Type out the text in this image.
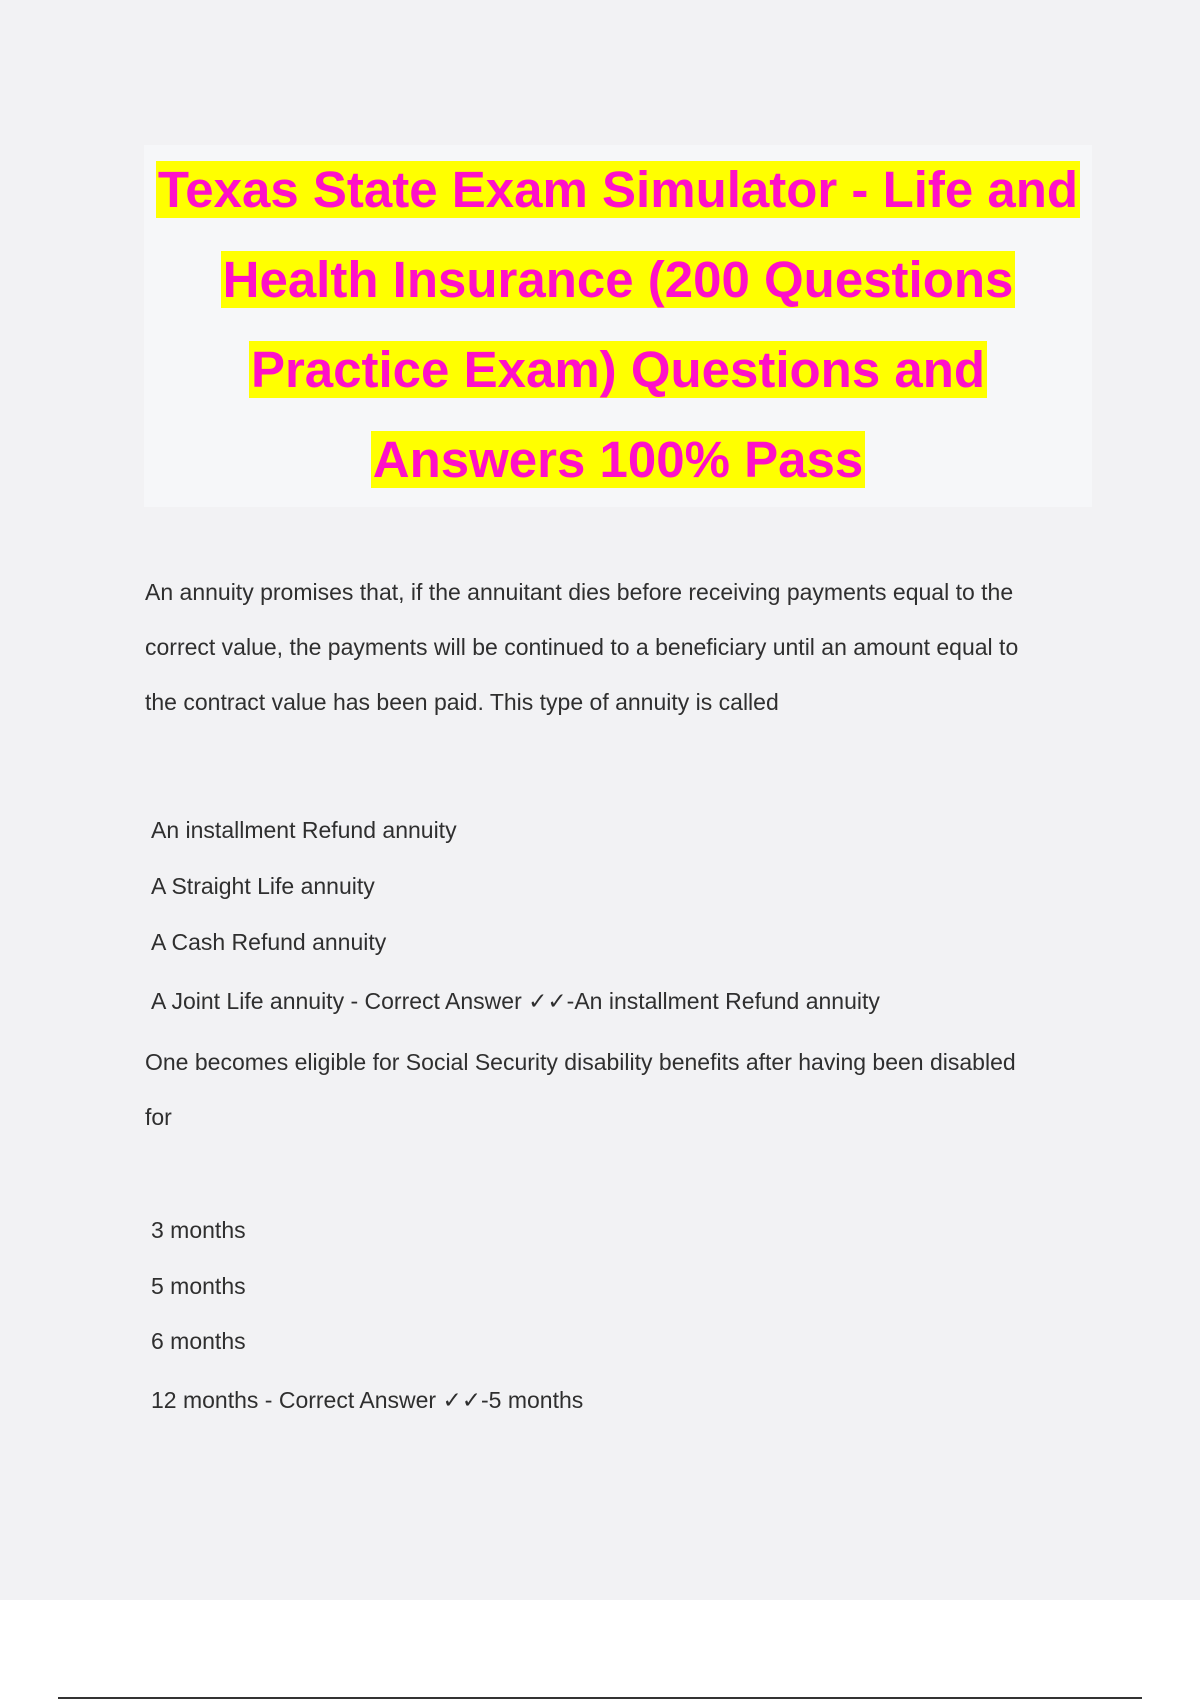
Texas State Exam Simulator - Life and
Health Insurance (200 Questions
Practice Exam) Questions and
Answers 100% Pass

An annuity promises that, if the annuitant dies before receiving payments equal to the
correct value, the payments will be continued to a beneficiary until an amount equal to
the contract value has been paid. This type of annuity is called

An installment Refund annuity

A Straight Life annuity

A Cash Refund annuity

A Joint Life annuity - Correct Answer ✓✓-An installment Refund annuity

One becomes eligible for Social Security disability benefits after having been disabled
for

3 months

5 months

6 months

12 months - Correct Answer ✓✓-5 months
